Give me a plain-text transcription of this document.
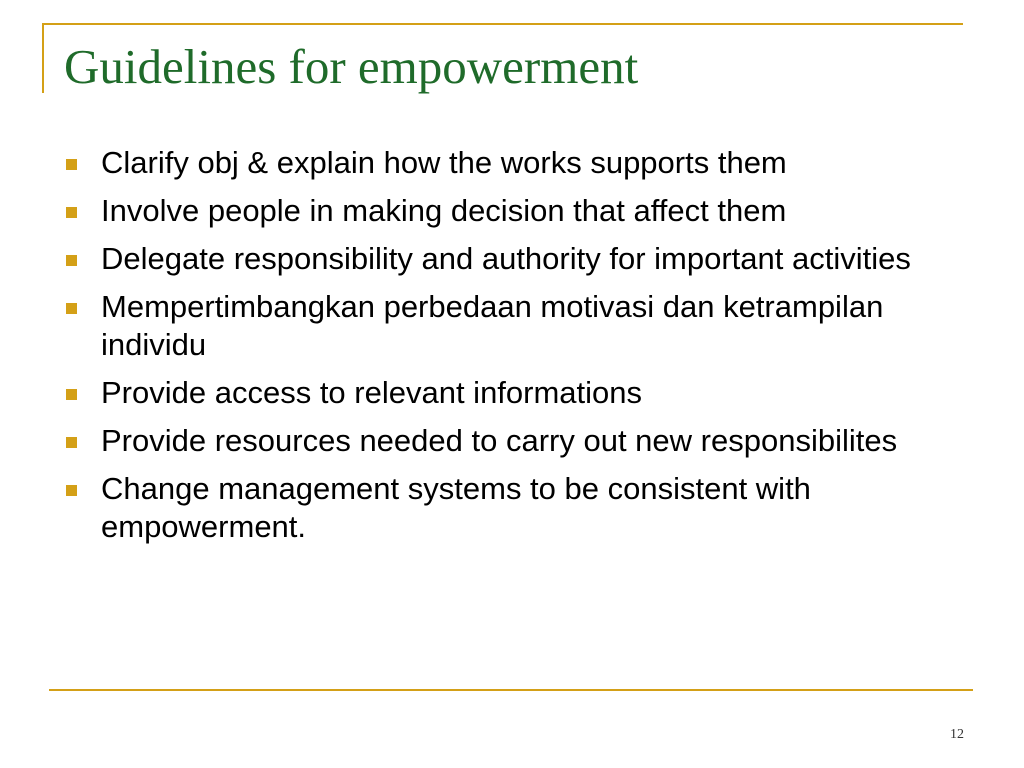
Guidelines for empowerment
Clarify obj & explain how the works supports them
Involve people in making decision that affect them
Delegate responsibility and authority for important activities
Mempertimbangkan perbedaan motivasi dan ketrampilan individu
Provide access to relevant informations
Provide resources needed to carry out new responsibilites
Change management systems to be consistent with empowerment.
12
